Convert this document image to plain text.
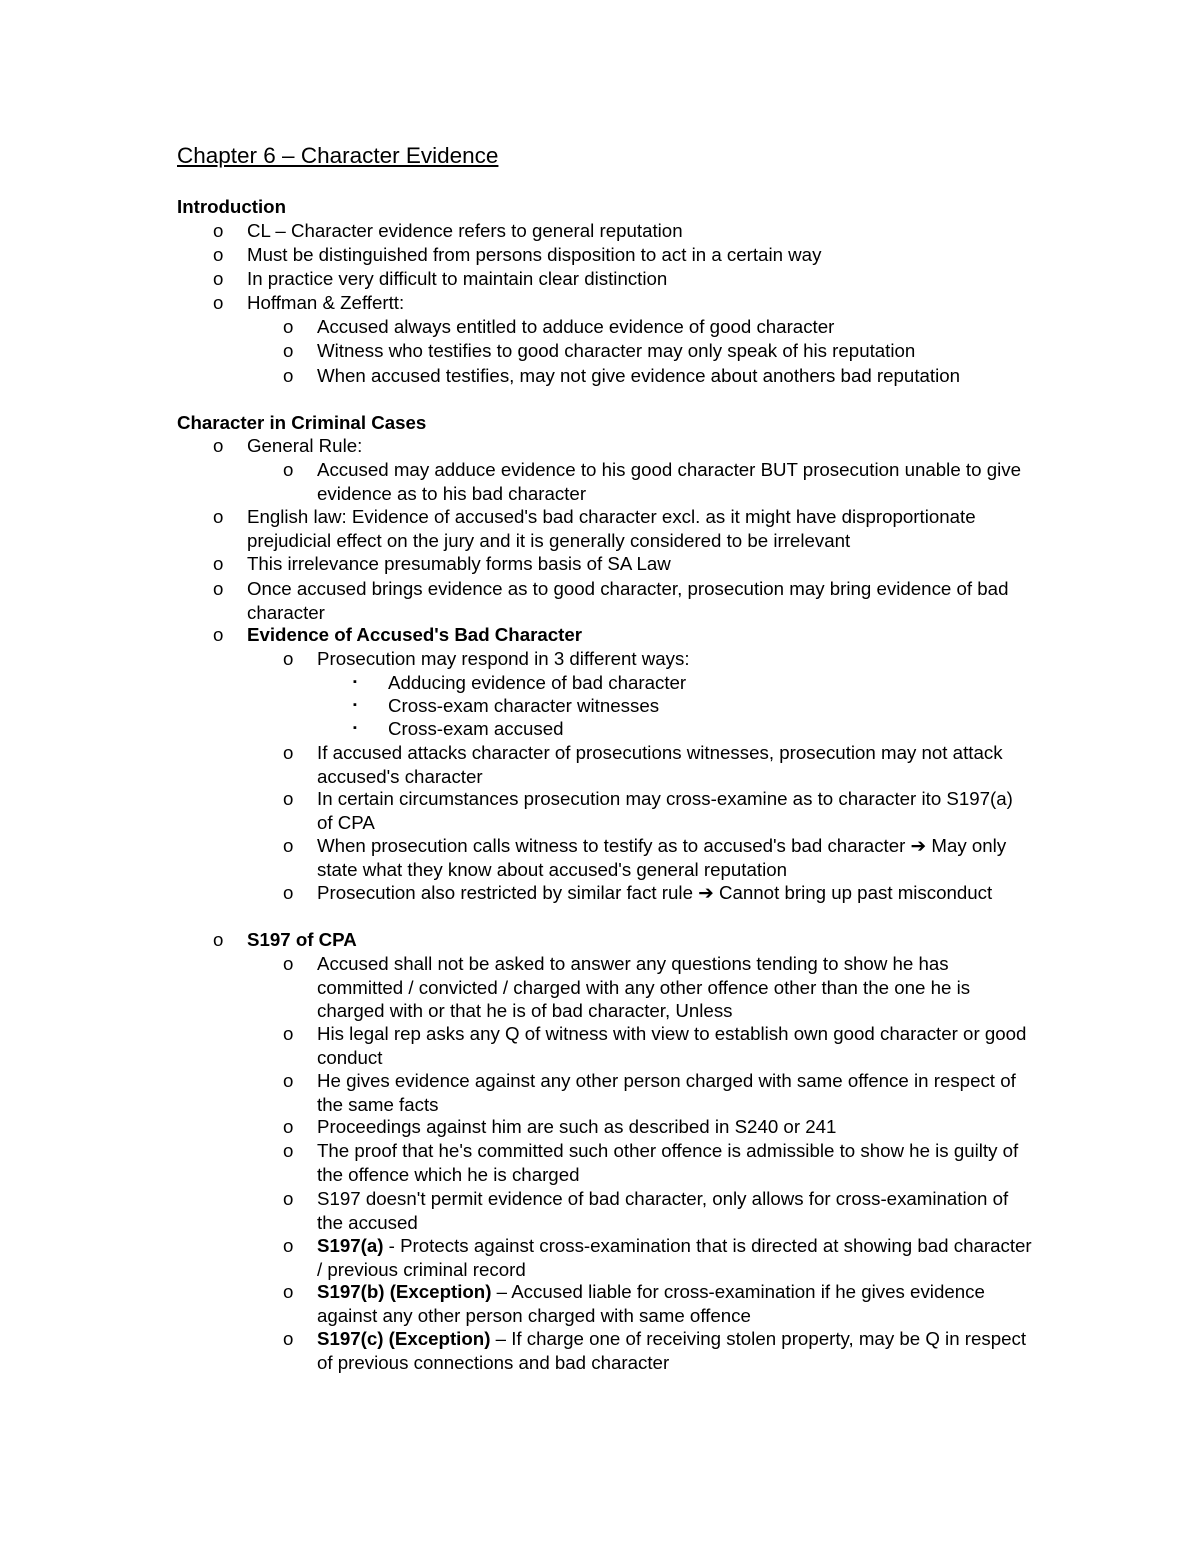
Chapter 6 – Character Evidence
Introduction
o	CL – Character evidence refers to general reputation
o	Must be distinguished from persons disposition to act in a certain way
o	In practice very difficult to maintain clear distinction
o	Hoffman & Zeffertt:
o	Accused always entitled to adduce evidence of good character
o	Witness who testifies to good character may only speak of his reputation
o	When accused testifies, may not give evidence about anothers bad reputation
Character in Criminal Cases
o	General Rule:
o	Accused may adduce evidence to his good character BUT prosecution unable to give evidence as to his bad character
o	English law: Evidence of accused's bad character excl. as it might have disproportionate prejudicial effect on the jury and it is generally considered to be irrelevant
o	This irrelevance presumably forms basis of SA Law
o	Once accused brings evidence as to good character, prosecution may bring evidence of bad character
o	Evidence of Accused's Bad Character
o	Prosecution may respond in 3 different ways:
▪	Adducing evidence of bad character
▪	Cross-exam character witnesses
▪	Cross-exam accused
o	If accused attacks character of prosecutions witnesses, prosecution may not attack accused's character
o	In certain circumstances prosecution may cross-examine as to character ito S197(a) of CPA
o	When prosecution calls witness to testify as to accused's bad character ➔ May only state what they know about accused's general reputation
o	Prosecution also restricted by similar fact rule ➔ Cannot bring up past misconduct
o	S197 of CPA
o	Accused shall not be asked to answer any questions tending to show he has committed / convicted / charged with any other offence other than the one he is charged with or that he is of bad character, Unless
o	His legal rep asks any Q of witness with view to establish own good character or good conduct
o	He gives evidence against any other person charged with same offence in respect of the same facts
o	Proceedings against him are such as described in S240 or 241
o	The proof that he's committed such other offence is admissible to show he is guilty of the offence which he is charged
o	S197 doesn't permit evidence of bad character, only allows for cross-examination of the accused
o	S197(a) - Protects against cross-examination that is directed at showing bad character / previous criminal record
o	S197(b) (Exception) – Accused liable for cross-examination if he gives evidence against any other person charged with same offence
o	S197(c) (Exception) – If charge one of receiving stolen property, may be Q in respect of previous connections and bad character
